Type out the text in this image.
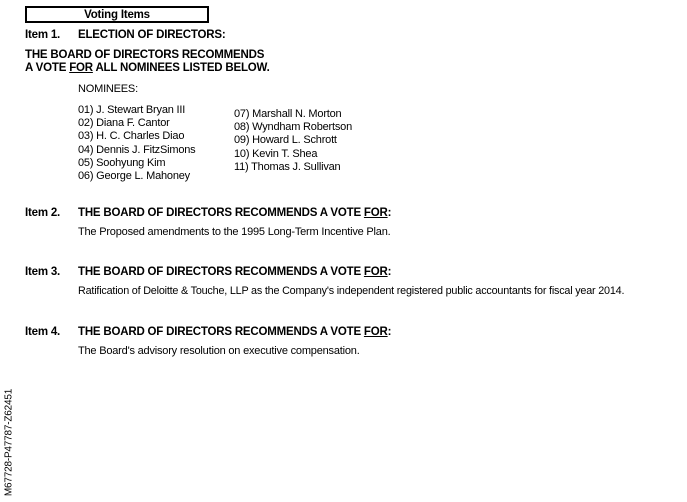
Voting Items
Item 1. ELECTION OF DIRECTORS:
THE BOARD OF DIRECTORS RECOMMENDS
A VOTE FOR ALL NOMINEES LISTED BELOW.
NOMINEES:
01) J. Stewart Bryan III
02) Diana F. Cantor
03) H. C. Charles Diao
04) Dennis J. FitzSimons
05) Soohyung Kim
06) George L. Mahoney
07) Marshall N. Morton
08) Wyndham Robertson
09) Howard L. Schrott
10) Kevin T. Shea
11) Thomas J. Sullivan
Item 2. THE BOARD OF DIRECTORS RECOMMENDS A VOTE FOR:
The Proposed amendments to the 1995 Long-Term Incentive Plan.
Item 3. THE BOARD OF DIRECTORS RECOMMENDS A VOTE FOR:
Ratification of Deloitte & Touche, LLP as the Company's independent registered public accountants for fiscal year 2014.
Item 4. THE BOARD OF DIRECTORS RECOMMENDS A VOTE FOR:
The Board's advisory resolution on executive compensation.
M67728-P47787-Z62451
